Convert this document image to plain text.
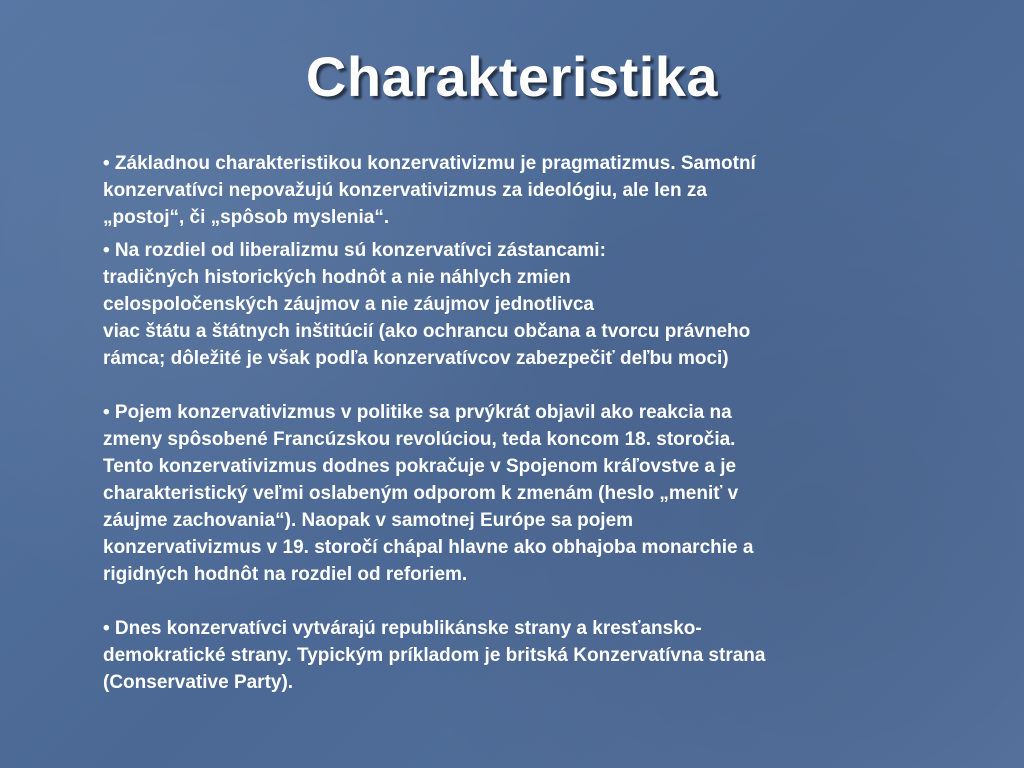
Charakteristika
• Základnou charakteristikou konzervativizmu je pragmatizmus. Samotní
konzervatívci nepovažujú konzervativizmus za ideológiu, ale len za
„postoj“, či „spôsob myslenia“.
• Na rozdiel od liberalizmu sú konzervatívci zástancami:
tradičných historických hodnôt a nie náhlych zmien
celospoločenských záujmov a nie záujmov jednotlivca
viac štátu a štátnych inštitúcií (ako ochrancu občana a tvorcu právneho
rámca; dôležité je však podľa konzervatívcov zabezpečiť deľbu moci)
• Pojem konzervativizmus v politike sa prvýkrát objavil ako reakcia na
zmeny spôsobené Francúzskou revolúciou, teda koncom 18. storočia.
Tento konzervativizmus dodnes pokračuje v Spojenom kráľovstve a je
charakteristický veľmi oslabeným odporom k zmenám (heslo „meniť v
záujme zachovania“). Naopak v samotnej Európe sa pojem
konzervativizmus v 19. storočí chápal hlavne ako obhajoba monarchie a
rigidných hodnôt na rozdiel od reforiem.
• Dnes konzervatívci vytvárajú republikánske strany a kresťansko-
demokratické strany. Typickým príkladom je britská Konzervatívna strana
(Conservative Party).
